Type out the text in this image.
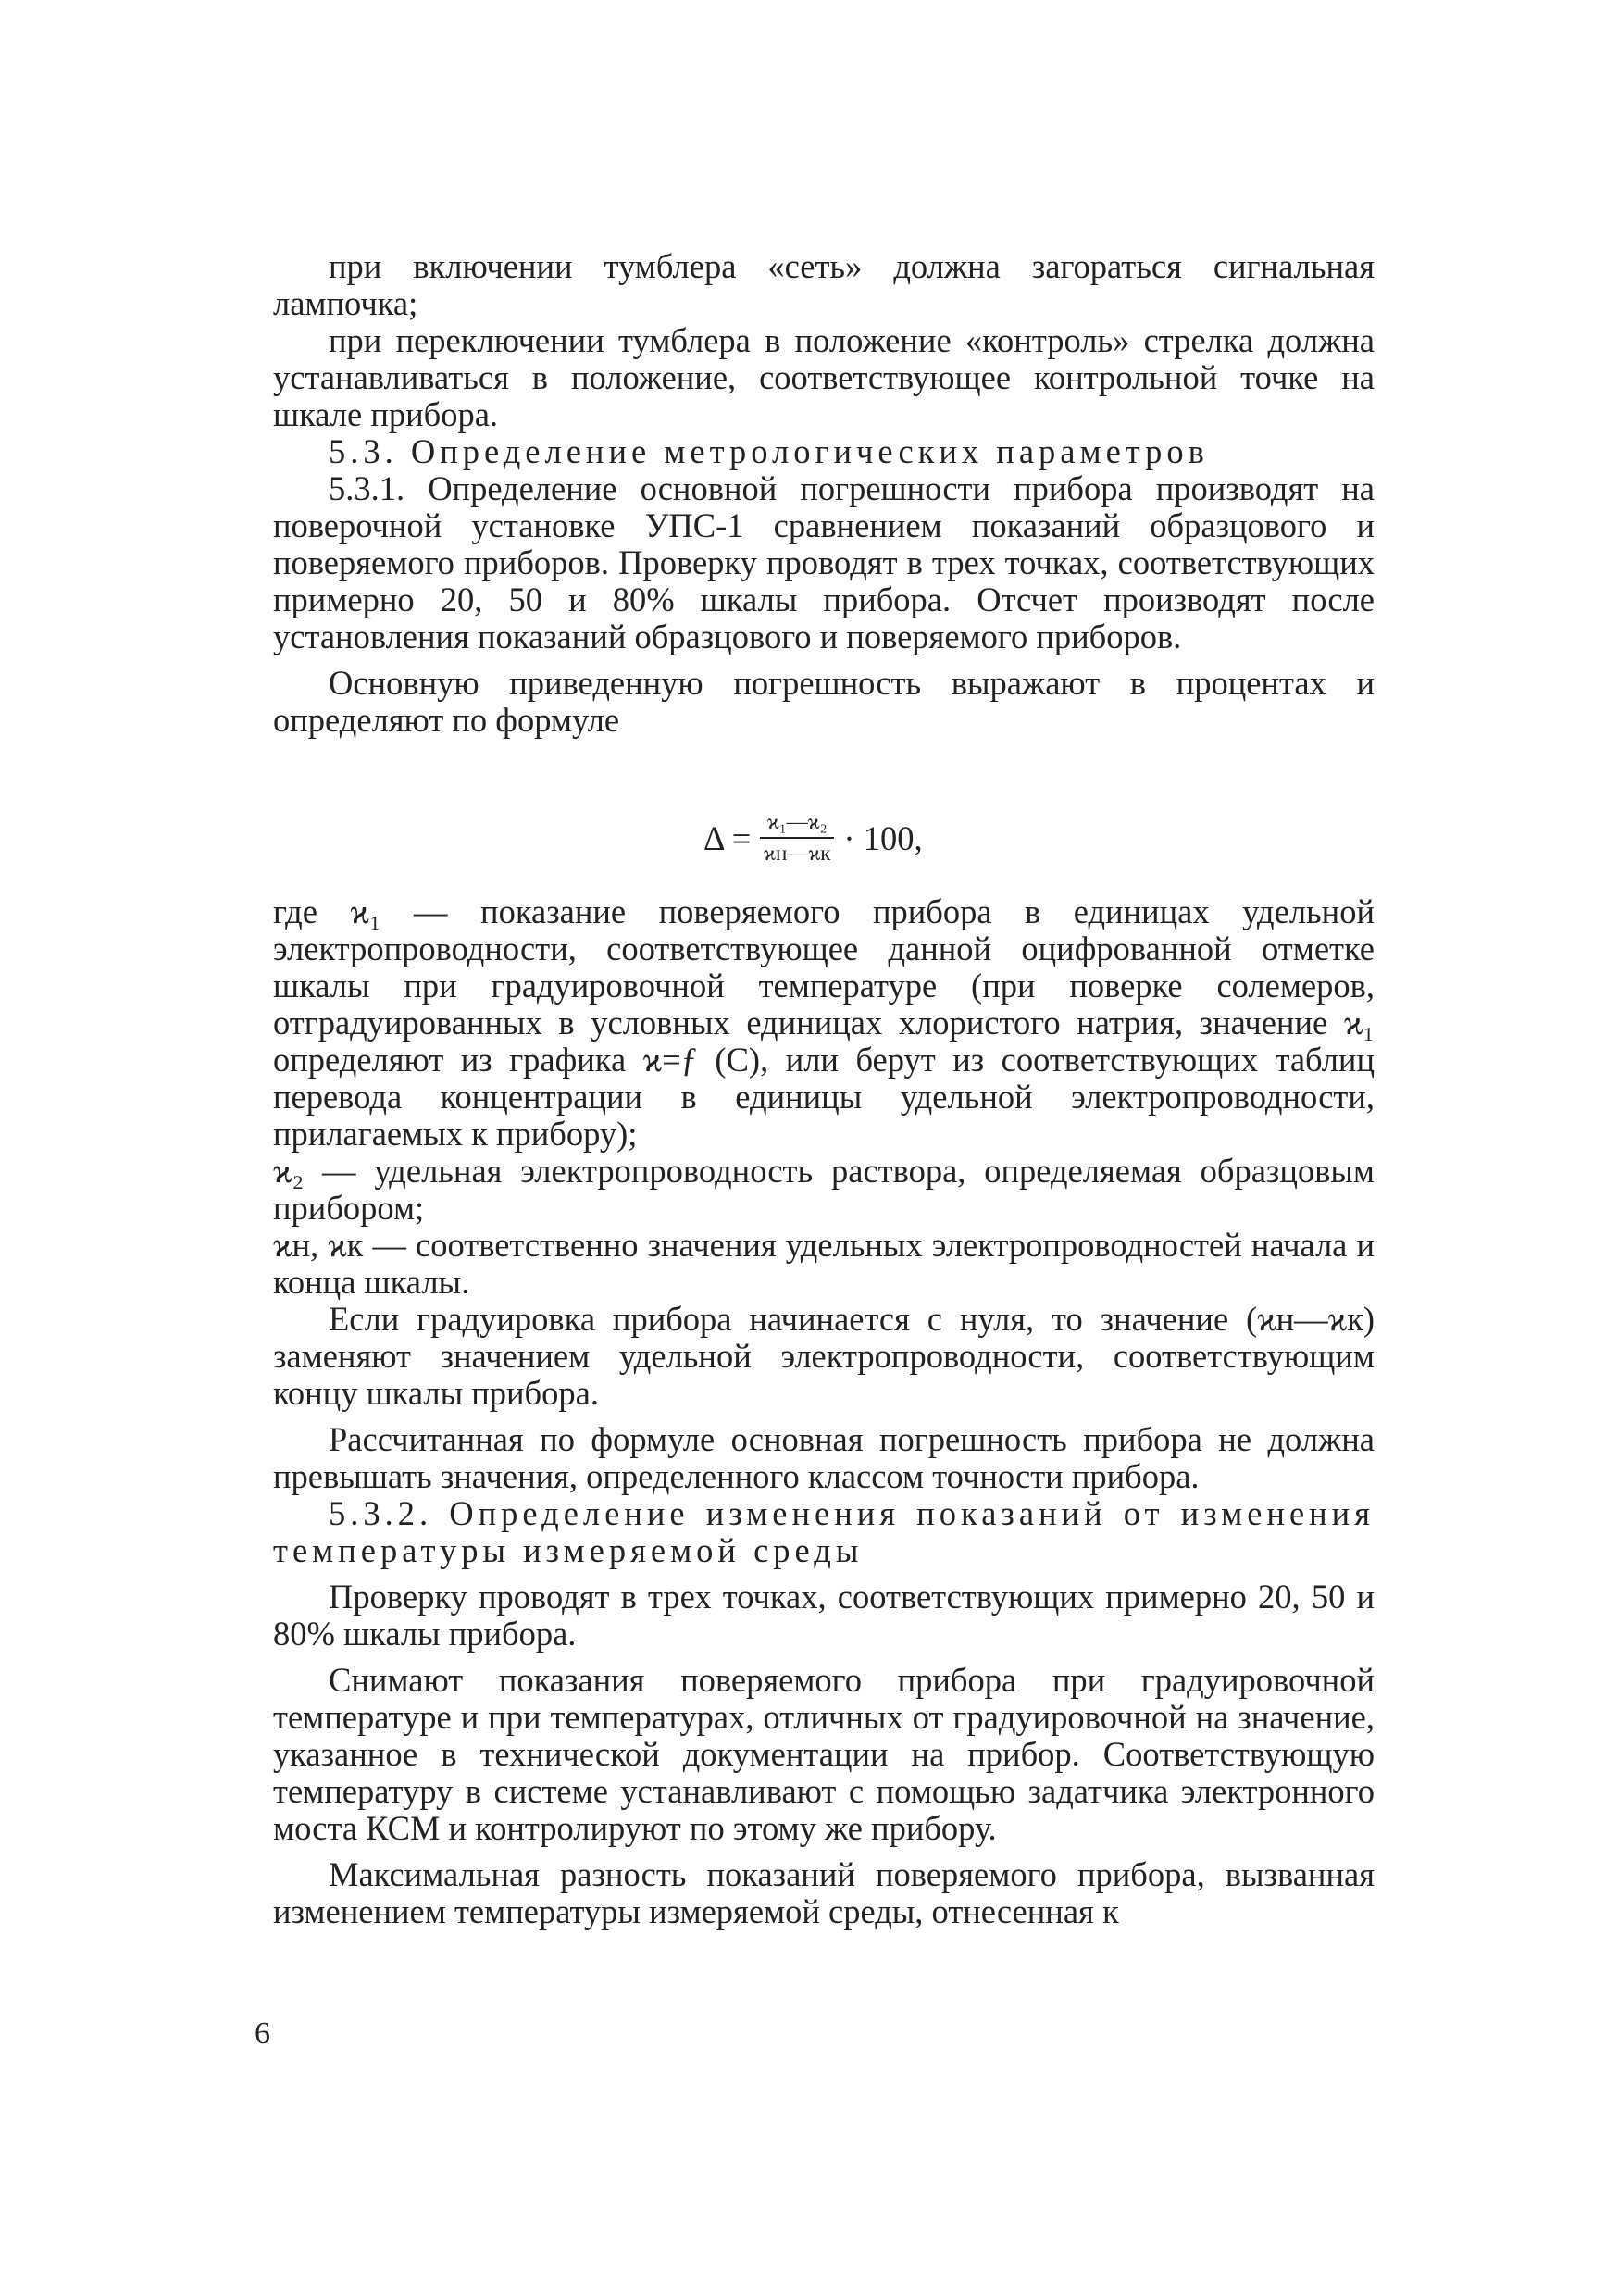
при включении тумблера «сеть» должна загораться сигнальная лампочка;

при переключении тумблера в положение «контроль» стрелка должна устанавливаться в положение, соответствующее контрольной точке на шкале прибора.

5.3. Определение метрологических параметров

5.3.1. Определение основной погрешности прибора производят на поверочной установке УПС-1 сравнением показаний образцового и поверяемого приборов. Проверку проводят в трех точках, соответствующих примерно 20, 50 и 80% шкалы прибора. Отсчет производят после установления показаний образцового и поверяемого приборов.

Основную приведенную погрешность выражают в процентах и определяют по формуле

$\Delta = \frac{\text{ϰ₁—ϰ₂}}{ϰн—ϰк} \cdot 100$,

где ϰ₁ — показание поверяемого прибора в единицах удельной электропроводности, соответствующее данной оцифрованной отметке шкалы при градуировочной температуре (при поверке солемеров, отградуированных в условных единицах хлористого натрия, значение ϰ₁ определяют из графика ϰ=ƒ (С), или берут из соответствующих таблиц перевода концентрации в единицы удельной электропроводности, прилагаемых к прибору);

ϰ₂ — удельная электропроводность раствора, определяемая образцовым прибором;

ϰн, ϰк — соответственно значения удельных электропроводностей начала и конца шкалы.

Если градуировка прибора начинается с нуля, то значение (ϰн—ϰк) заменяют значением удельной электропроводности, соответствующим концу шкалы прибора.

Рассчитанная по формуле основная погрешность прибора не должна превышать значения, определенного классом точности прибора.

5.3.2. Определение изменения показаний от изменения температуры измеряемой среды

Проверку проводят в трех точках, соответствующих примерно 20, 50 и 80% шкалы прибора.

Снимают показания поверяемого прибора при градуировочной температуре и при температурах, отличных от градуировочной на значение, указанное в технической документации на прибор. Соответствующую температуру в системе устанавливают с помощью задатчика электронного моста КСМ и контролируют по этому же прибору.

Максимальная разность показаний поверяемого прибора, вызванная изменением температуры измеряемой среды, отнесенная к

6
